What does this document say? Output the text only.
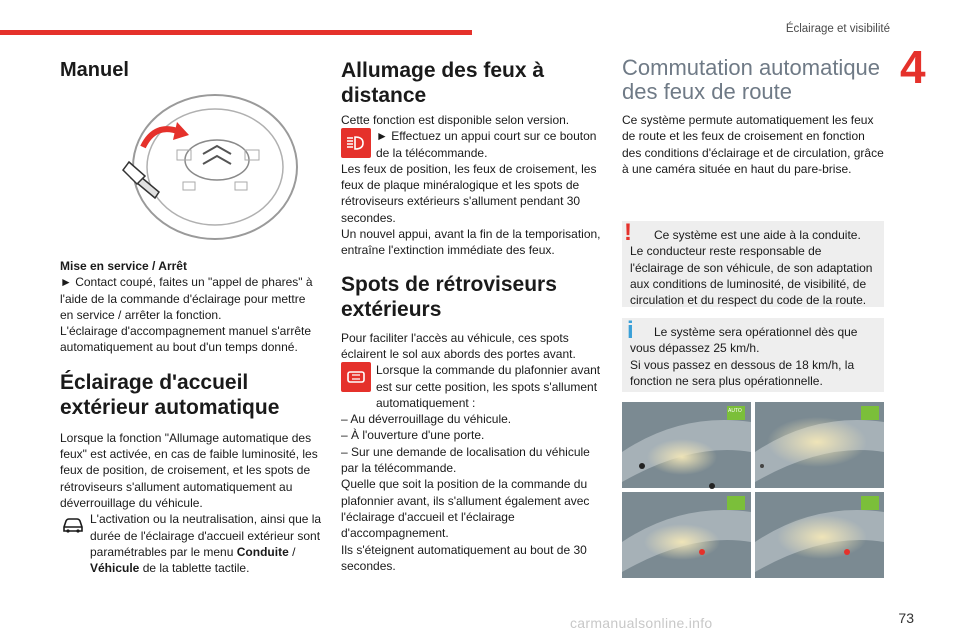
Éclairage et visibilité
4
Manuel

Mise en service / Arrêt

► Contact coupé, faites un "appel de phares" à l'aide de la commande d'éclairage pour mettre en service / arrêter la fonction.

L'éclairage d'accompagnement manuel s'arrête automatiquement au bout d'un temps donné.

Éclairage d'accueil extérieur automatique

Lorsque la fonction "Allumage automatique des feux" est activée, en cas de faible luminosité, les feux de position, de croisement, et les spots de rétroviseurs s'allument automatiquement au déverrouillage du véhicule.

L'activation ou la neutralisation, ainsi que la durée de l'éclairage d'accueil extérieur sont paramétrables par le menu Conduite / Véhicule de la tablette tactile.

Allumage des feux à distance

Cette fonction est disponible selon version.

► Effectuez un appui court sur ce bouton de la télécommande.

Les feux de position, les feux de croisement, les feux de plaque minéralogique et les spots de rétroviseurs extérieurs s'allument pendant 30 secondes.

Un nouvel appui, avant la fin de la temporisation, entraîne l'extinction immédiate des feux.

Spots de rétroviseurs extérieurs

Pour faciliter l'accès au véhicule, ces spots éclairent le sol aux abords des portes avant.

Lorsque la commande du plafonnier avant est sur cette position, les spots s'allument automatiquement :

– Au déverrouillage du véhicule.

– À l'ouverture d'une porte.

– Sur une demande de localisation du véhicule par la télécommande.

Quelle que soit la position de la commande du plafonnier avant, ils s'allument également avec l'éclairage d'accueil et l'éclairage d'accompagnement.

Ils s'éteignent automatiquement au bout de 30 secondes.

Commutation automatique des feux de route

Ce système permute automatiquement les feux de route et les feux de croisement en fonction des conditions d'éclairage et de circulation, grâce à une caméra située en haut du pare-brise.

!	Ce système est une aide à la conduite. Le conducteur reste responsable de l'éclairage de son véhicule, de son adaptation aux conditions de luminosité, de visibilité, de circulation et du respect du code de la route.

i	Le système sera opérationnel dès que vous dépassez 25 km/h.

Si vous passez en dessous de 18 km/h, la fonction ne sera plus opérationnelle.

AUTO
carmanualsonline.info	73
